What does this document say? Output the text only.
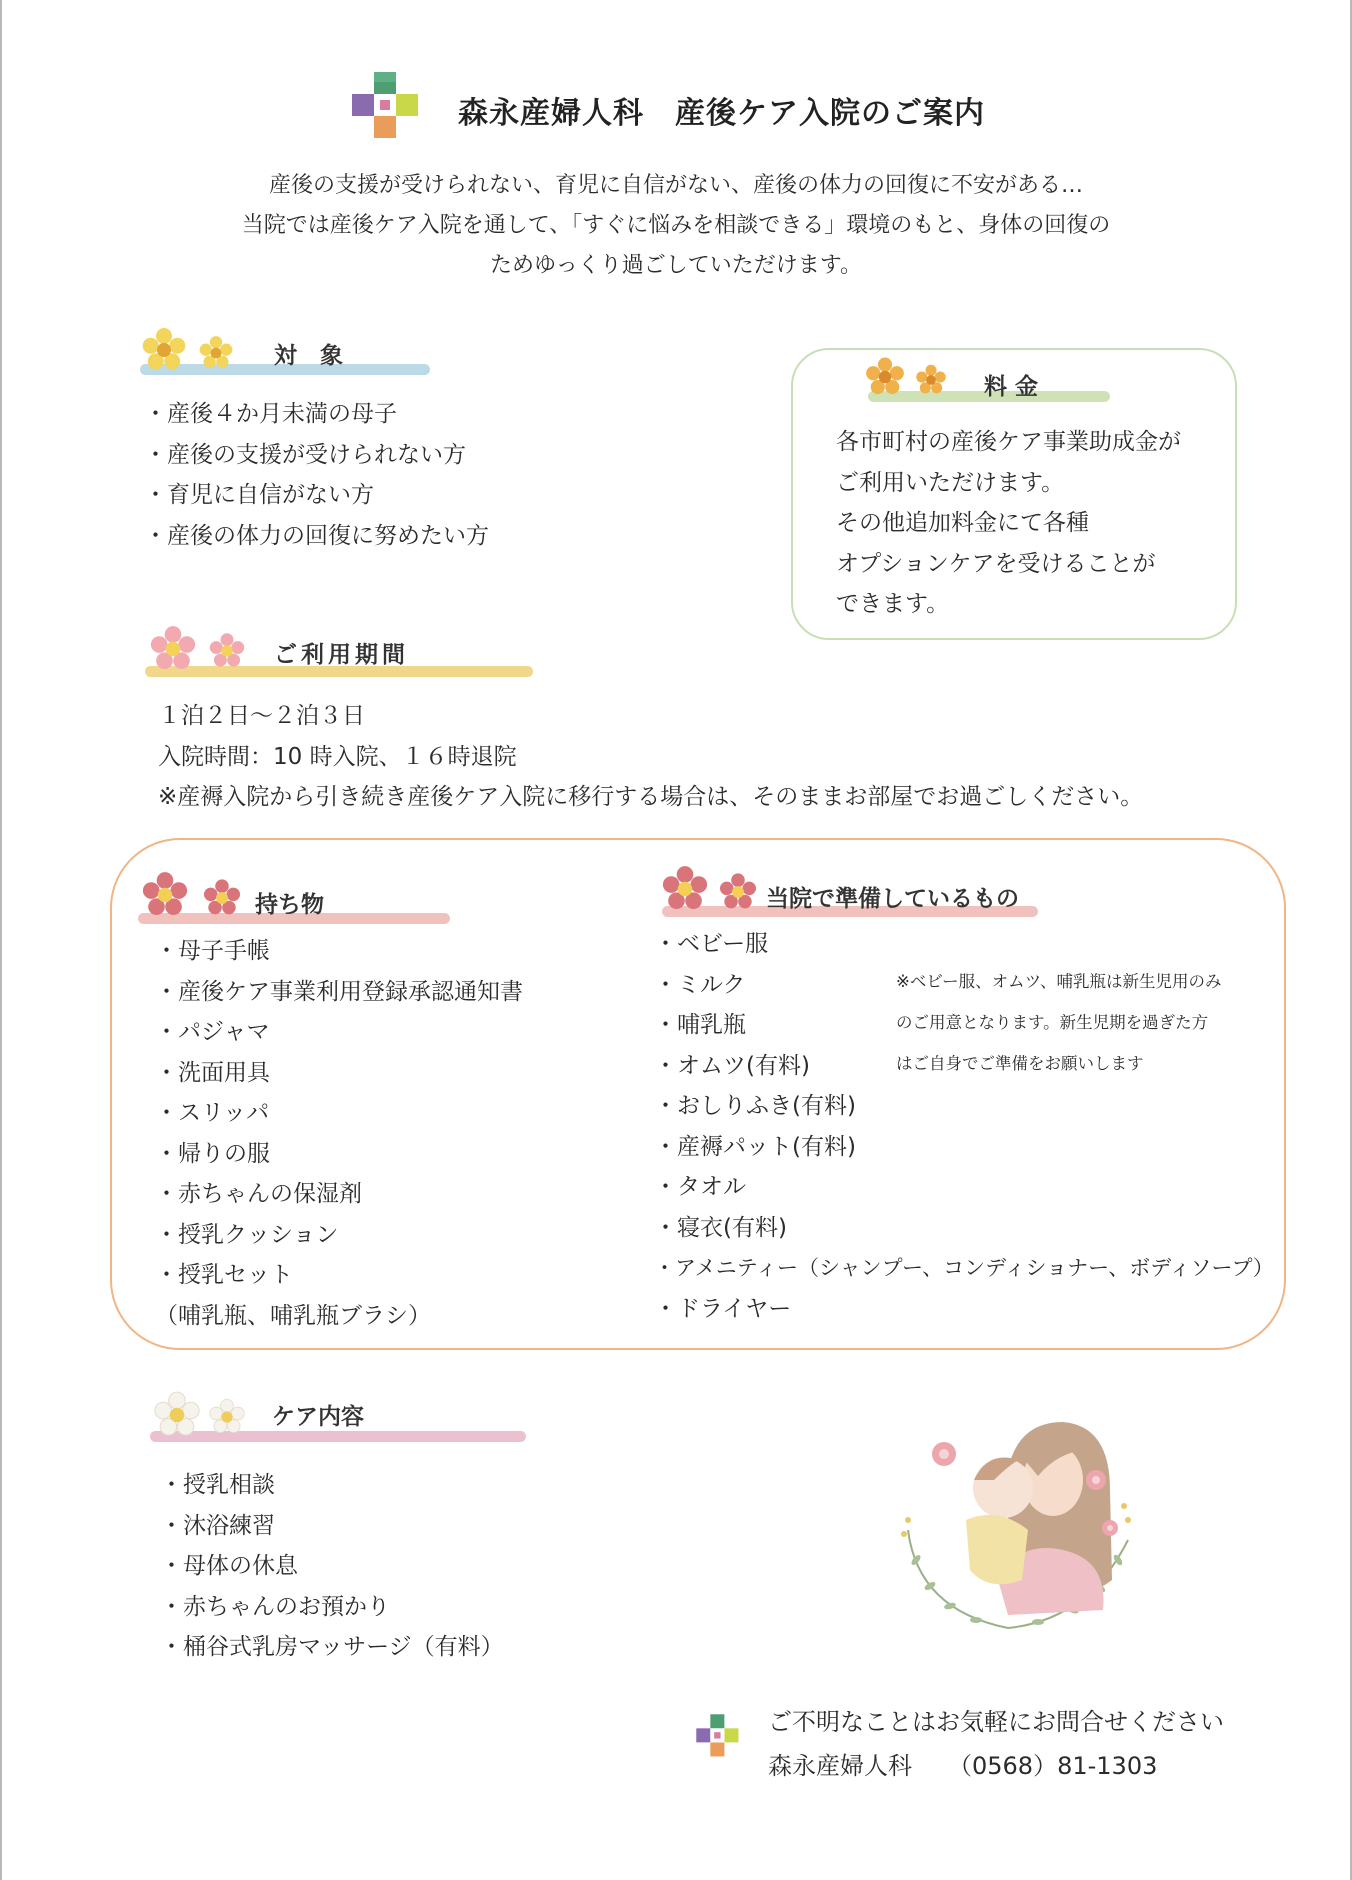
森永産婦人科　 産後ケア入院のご案内
産後の支援が受けられない、育児に自信がない、産後の体力の回復に不安がある…
当院では産後ケア入院を通して、「すぐに悩みを相談できる」環境のもと、身体の回復の
ためゆっくり過ごしていただけます。
対　象
・産後４か月未満の母子
・産後の支援が受けられない方
・育児に自信がない方
・産後の体力の回復に努めたい方
料 金
各市町村の産後ケア事業助成金が
ご利用いただけます。
その他追加料金にて各種
オプションケアを受けることが
できます。
ご利用期間
１泊２日～２泊３日
入院時間：10 時入院、１６時退院
※産褥入院から引き続き産後ケア入院に移行する場合は、そのままお部屋でお過ごしください。
持ち物
・母子手帳
・産後ケア事業利用登録承認通知書
・パジャマ
・洗面用具
・スリッパ
・帰りの服
・赤ちゃんの保湿剤
・授乳クッション
・授乳セット
（哺乳瓶、哺乳瓶ブラシ）
当院で準備しているもの
・ベビー服
・ミルク
・哺乳瓶
・オムツ(有料)
・おしりふき(有料)
・産褥パット(有料)
・タオル
・寝衣(有料)
・アメニティー（シャンプー、コンディショナー、ボディソープ）
・ドライヤー
※ベビー服、オムツ、哺乳瓶は新生児用のみ
のご用意となります。新生児期を過ぎた方
はご自身でご準備をお願いします
ケア内容
・授乳相談
・沐浴練習
・母体の休息
・赤ちゃんのお預かり
・桶谷式乳房マッサージ（有料）
ご不明なことはお気軽にお問合せください
森永産婦人科　　 （0568）81-1303
